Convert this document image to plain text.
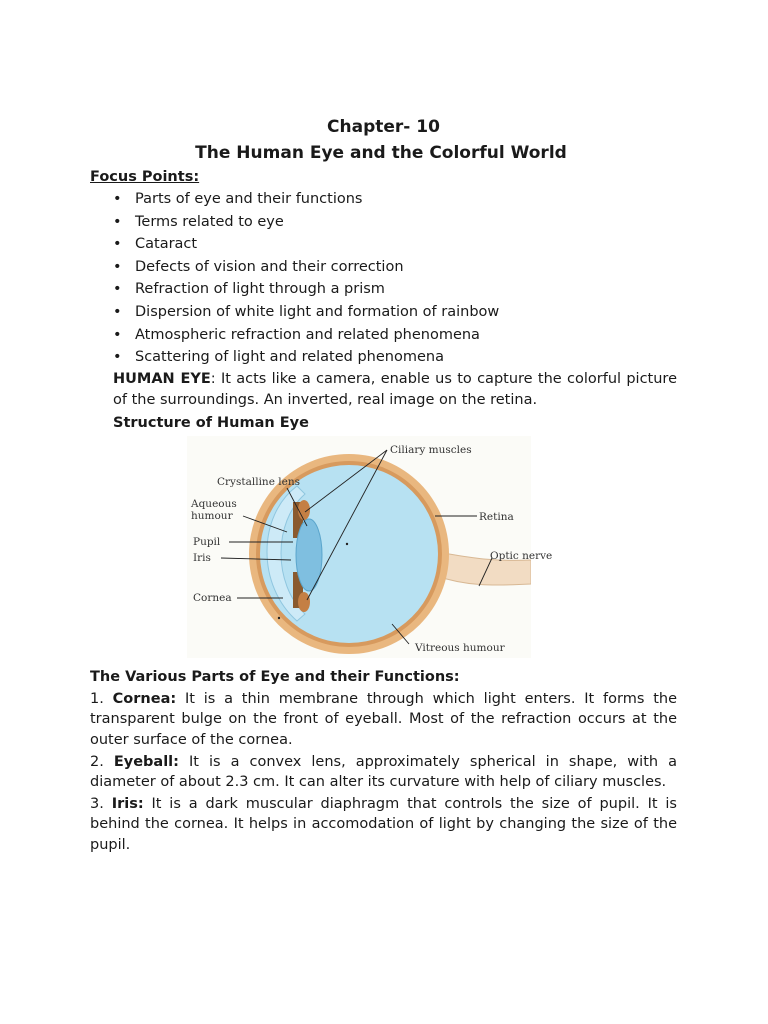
Chapter- 10
The Human Eye and the Colorful World
Focus Points:
• Parts of eye and their functions
• Terms related to eye
• Cataract
• Defects of vision and their correction
• Refraction of light through a prism
• Dispersion of white light and formation of rainbow
• Atmospheric refraction and related phenomena
• Scattering of light and related phenomena
HUMAN EYE: It acts like a camera, enable us to capture the colorful picture of the surroundings. An inverted, real image on the retina.
Structure of Human Eye
Ciliary muscles
Crystalline lens
Aqueous
humour
Pupil
Iris
Cornea
Retina
Optic nerve
Vitreous humour
The Various Parts of Eye and their Functions:
1. Cornea: It is a thin membrane through which light enters. It forms the transparent bulge on the front of eyeball. Most of the refraction occurs at the outer surface of the cornea.
2. Eyeball: It is a convex lens, approximately spherical in shape, with a diameter of about 2.3 cm. It can alter its curvature with help of ciliary muscles.
3. Iris: It is a dark muscular diaphragm that controls the size of pupil. It is behind the cornea. It helps in accomodation of light by changing the size of the pupil.
